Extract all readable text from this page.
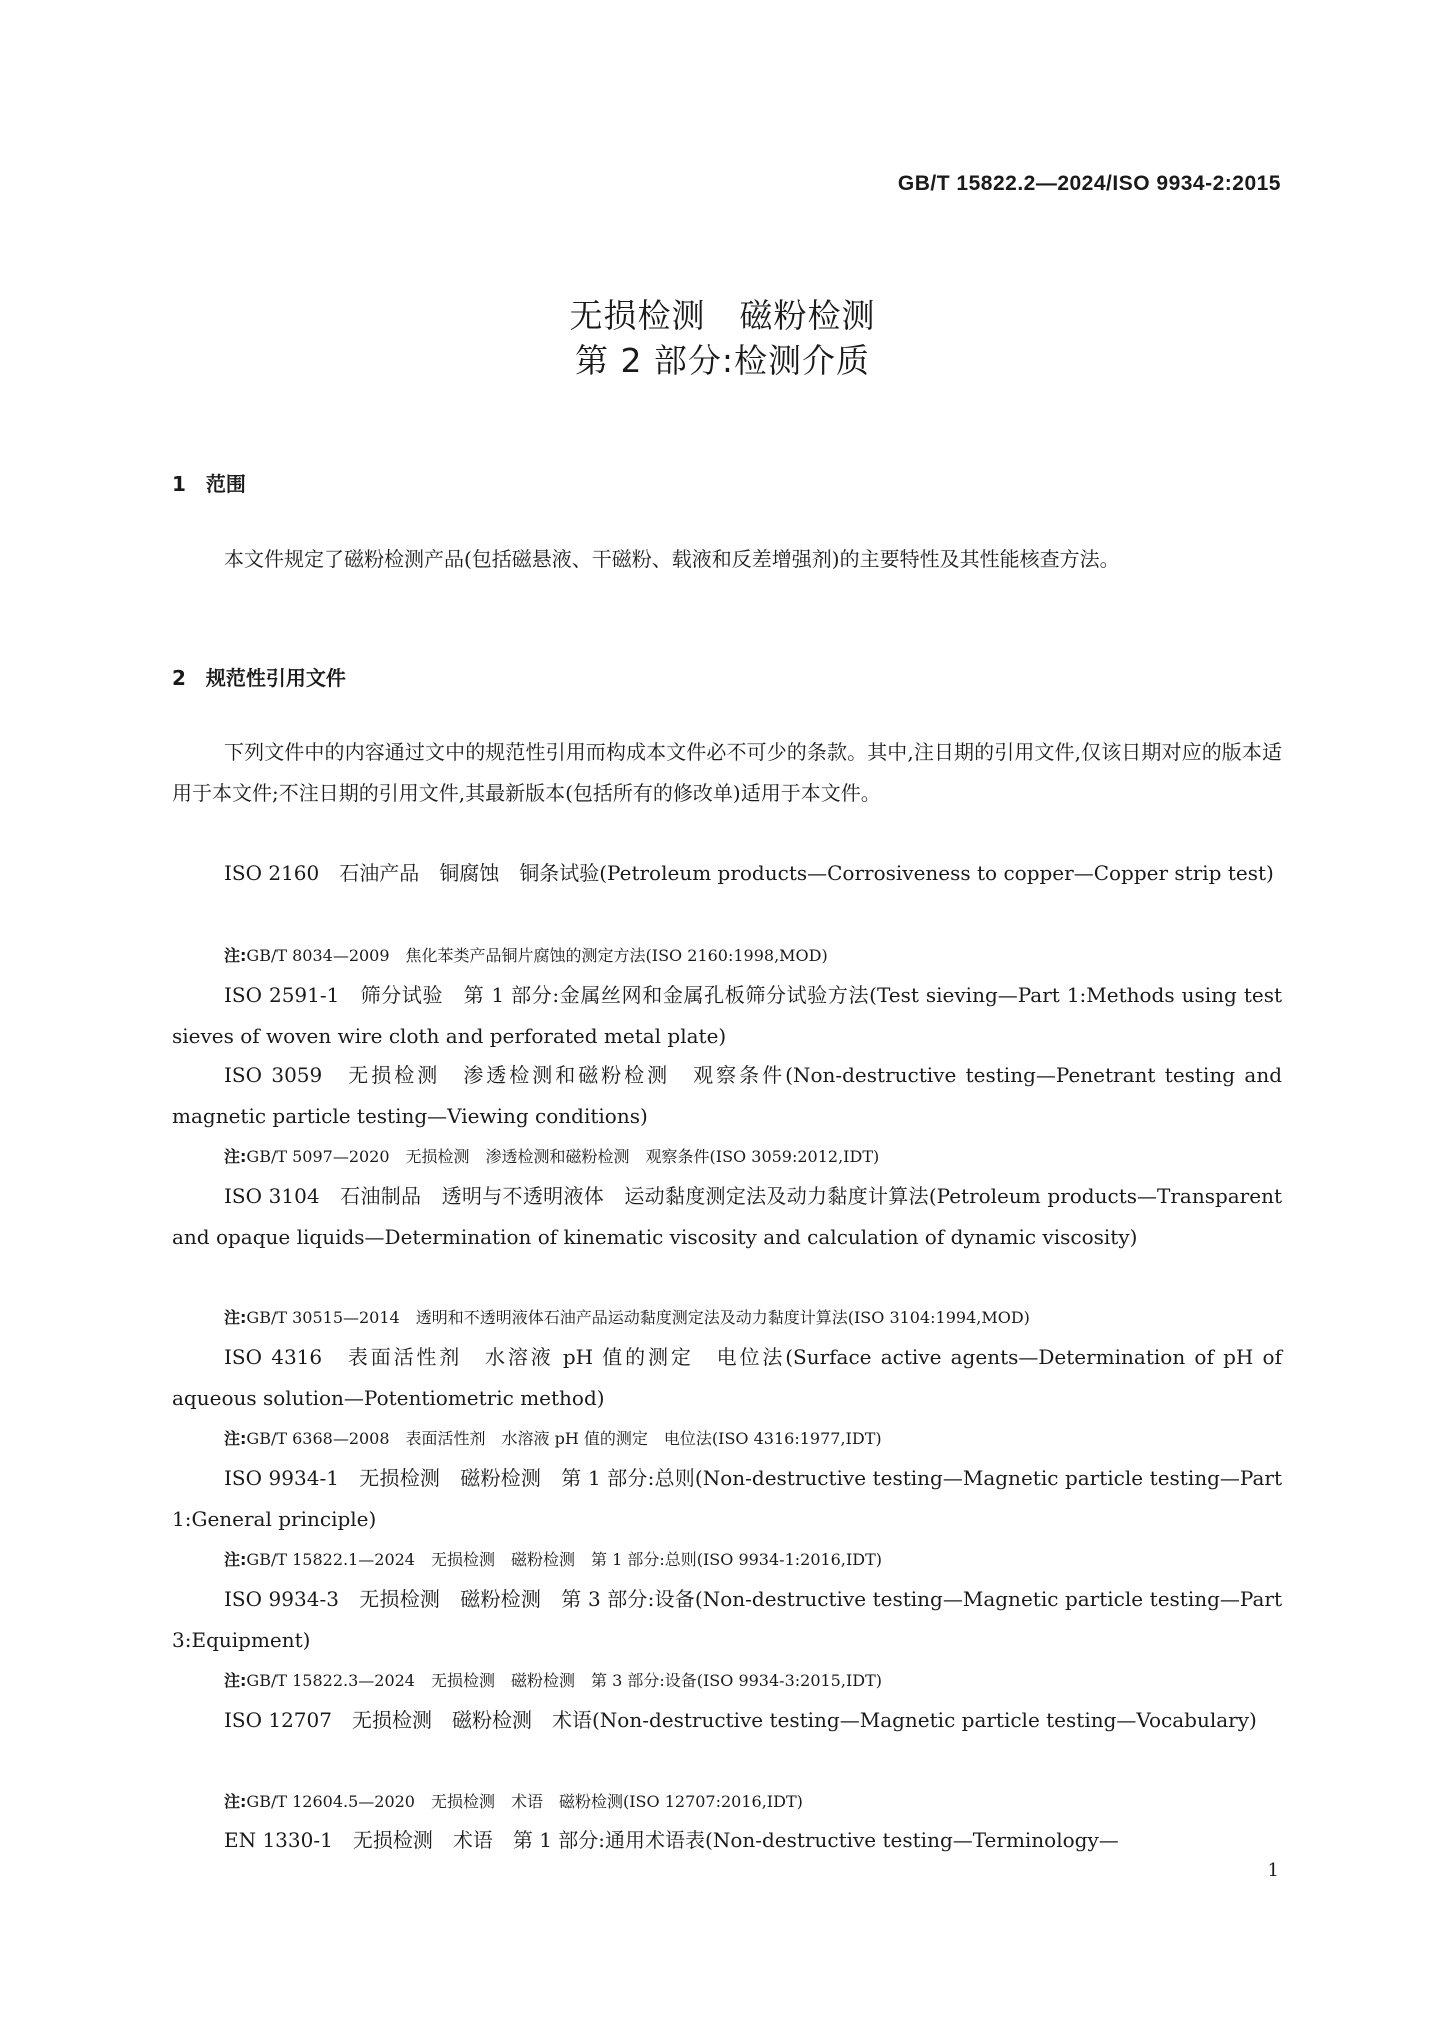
GB/T 15822.2—2024/ISO 9934-2:2015
无损检测　磁粉检测
第 2 部分:检测介质
1　范围
本文件规定了磁粉检测产品(包括磁悬液、干磁粉、载液和反差增强剂)的主要特性及其性能核查方法。
2　规范性引用文件
下列文件中的内容通过文中的规范性引用而构成本文件必不可少的条款。其中,注日期的引用文件,仅该日期对应的版本适用于本文件;不注日期的引用文件,其最新版本(包括所有的修改单)适用于本文件。
ISO 2160　石油产品　铜腐蚀　铜条试验(Petroleum products—Corrosiveness to copper—Copper strip test)
注:GB/T 8034—2009　焦化苯类产品铜片腐蚀的测定方法(ISO 2160:1998,MOD)
ISO 2591-1　筛分试验　第 1 部分:金属丝网和金属孔板筛分试验方法(Test sieving—Part 1:Methods using test sieves of woven wire cloth and perforated metal plate)
ISO 3059　无损检测　渗透检测和磁粉检测　观察条件(Non-destructive testing—Penetrant testing and magnetic particle testing—Viewing conditions)
注:GB/T 5097—2020　无损检测　渗透检测和磁粉检测　观察条件(ISO 3059:2012,IDT)
ISO 3104　石油制品　透明与不透明液体　运动黏度测定法及动力黏度计算法(Petroleum products—Transparent and opaque liquids—Determination of kinematic viscosity and calculation of dynamic viscosity)
注:GB/T 30515—2014　透明和不透明液体石油产品运动黏度测定法及动力黏度计算法(ISO 3104:1994,MOD)
ISO 4316　表面活性剂　水溶液 pH 值的测定　电位法(Surface active agents—Determination of pH of aqueous solution—Potentiometric method)
注:GB/T 6368—2008　表面活性剂　水溶液 pH 值的测定　电位法(ISO 4316:1977,IDT)
ISO 9934-1　无损检测　磁粉检测　第 1 部分:总则(Non-destructive testing—Magnetic particle testing—Part 1:General principle)
注:GB/T 15822.1—2024　无损检测　磁粉检测　第 1 部分:总则(ISO 9934-1:2016,IDT)
ISO 9934-3　无损检测　磁粉检测　第 3 部分:设备(Non-destructive testing—Magnetic particle testing—Part 3:Equipment)
注:GB/T 15822.3—2024　无损检测　磁粉检测　第 3 部分:设备(ISO 9934-3:2015,IDT)
ISO 12707　无损检测　磁粉检测　术语(Non-destructive testing—Magnetic particle testing—Vocabulary)
注:GB/T 12604.5—2020　无损检测　术语　磁粉检测(ISO 12707:2016,IDT)
EN 1330-1　无损检测　术语　第 1 部分:通用术语表(Non-destructive testing—Terminology—
1
